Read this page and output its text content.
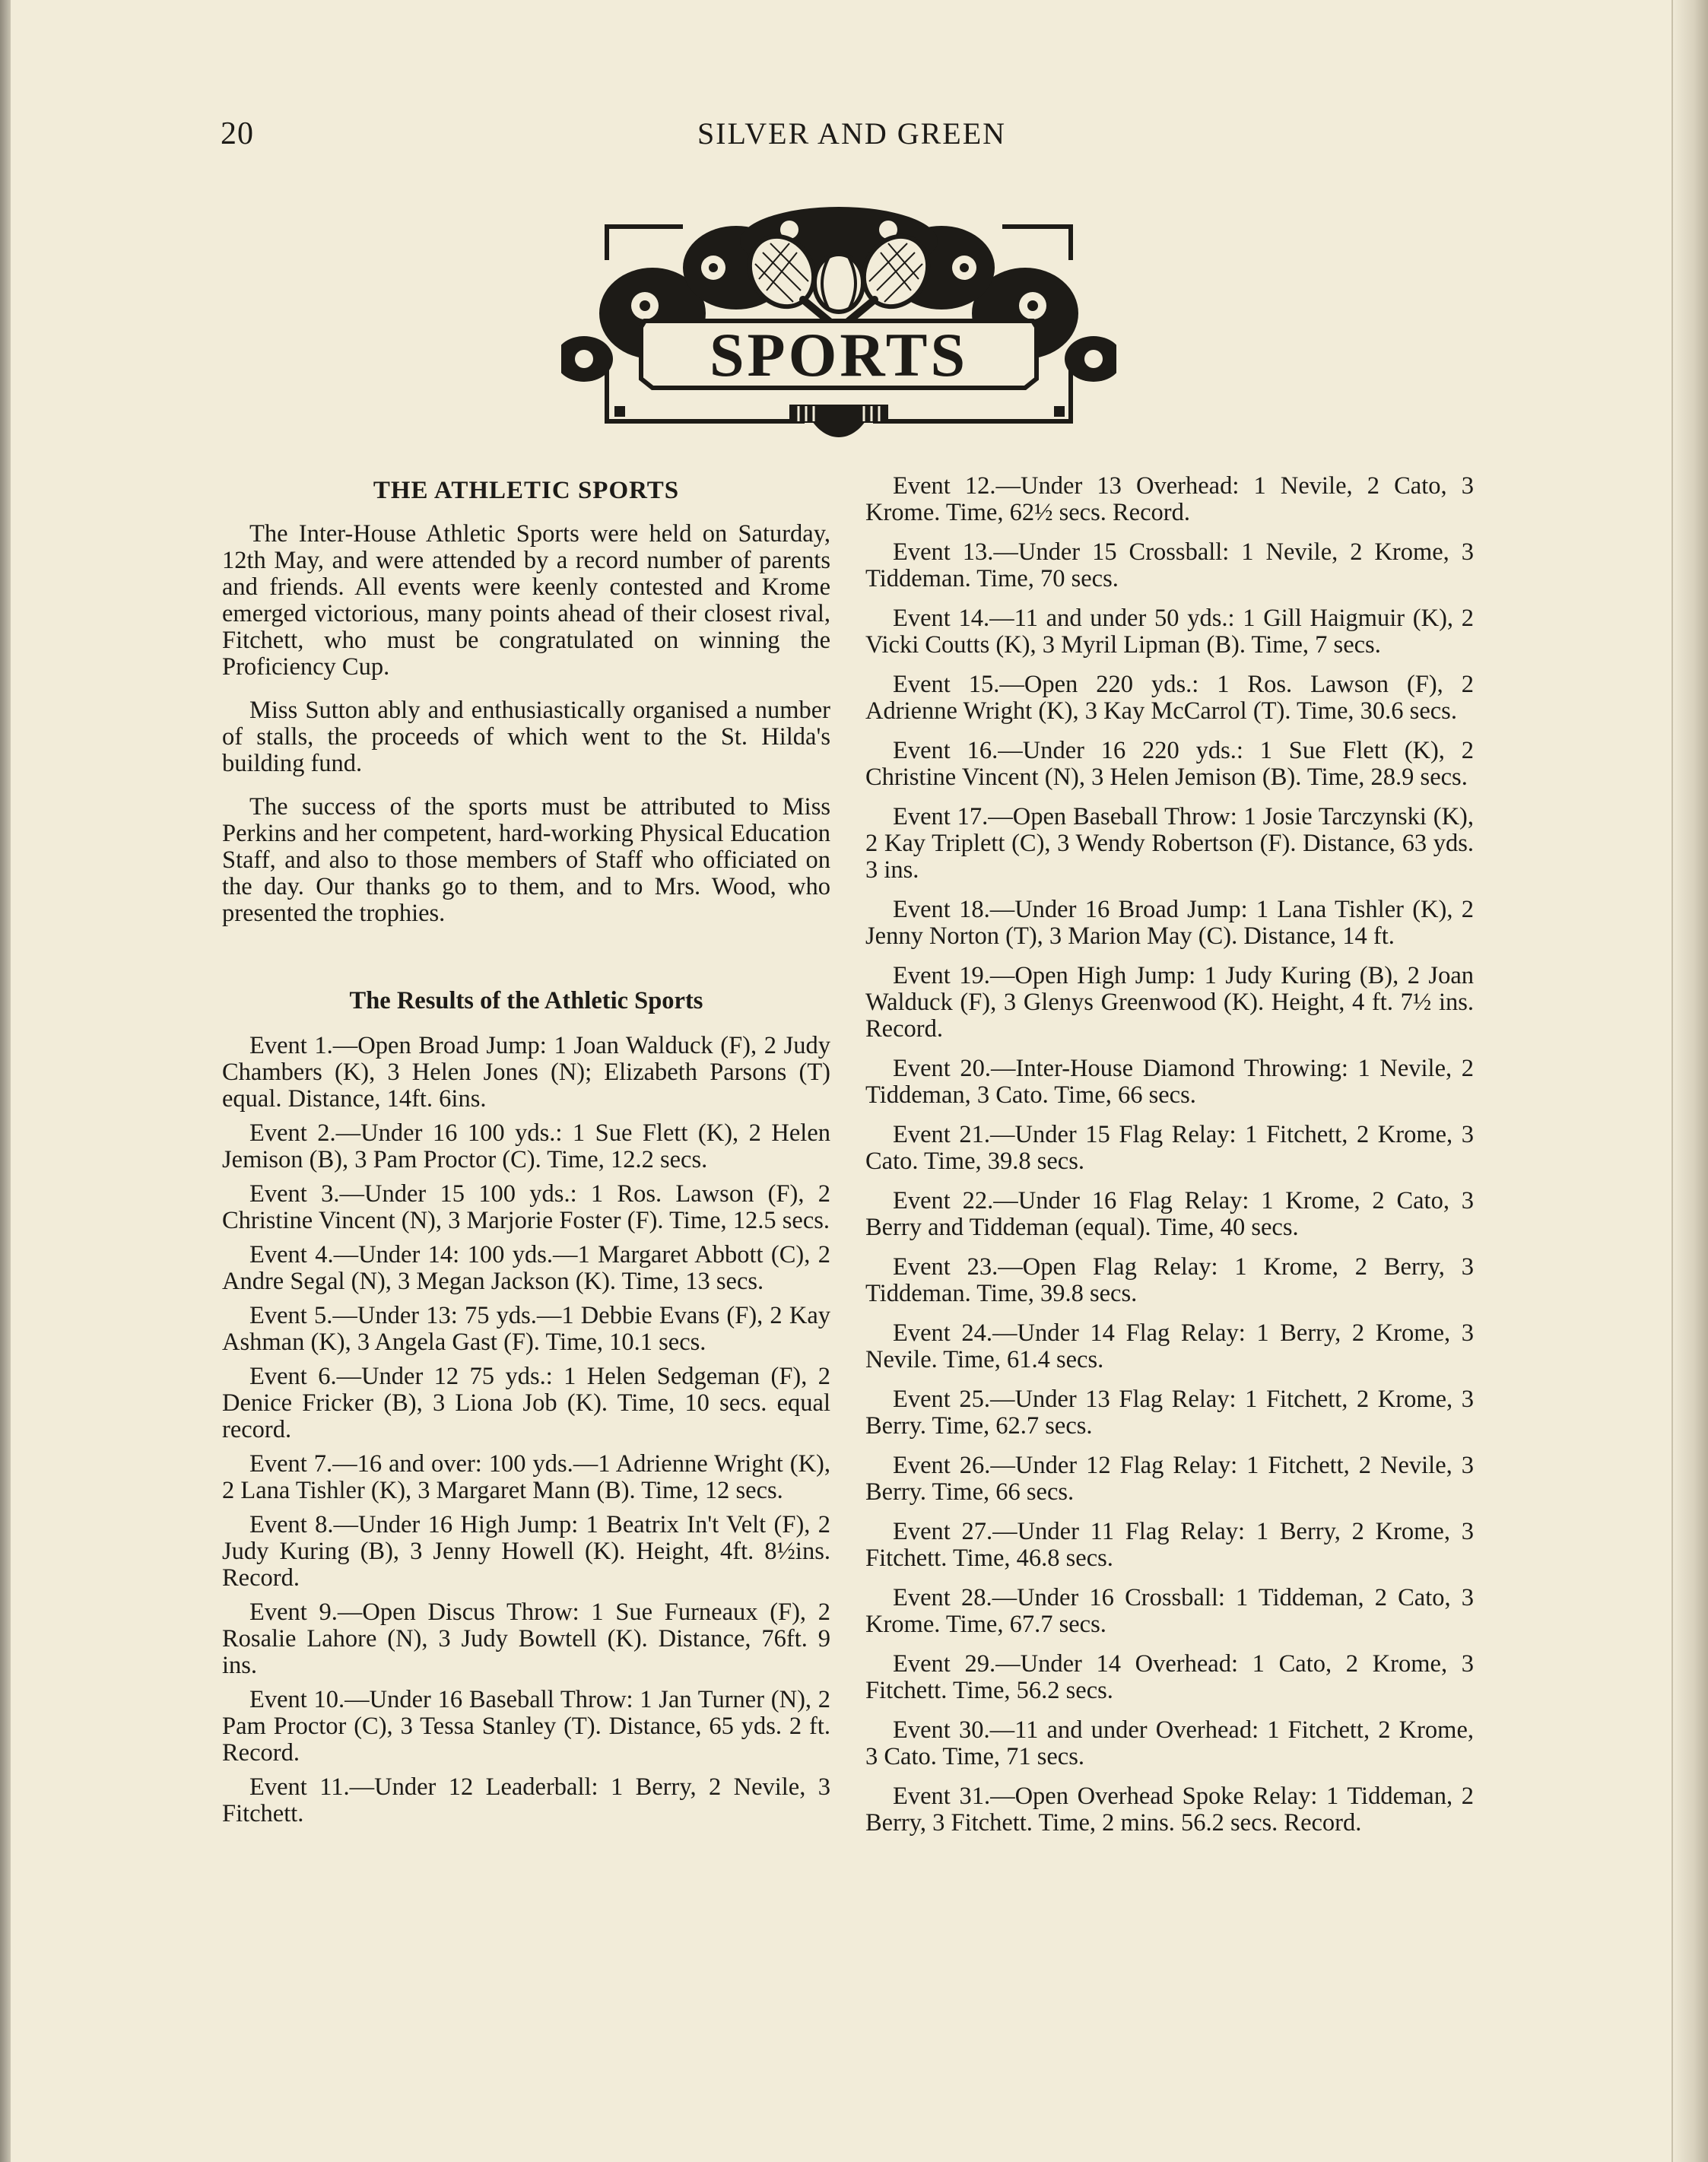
20	SILVER AND GREEN
SPORTS
THE ATHLETIC SPORTS

The Inter-House Athletic Sports were held on Saturday, 12th May, and were attended by a record number of parents and friends. All events were keenly contested and Krome emerged victorious, many points ahead of their closest rival, Fitchett, who must be congratulated on winning the Proficiency Cup.

Miss Sutton ably and enthusiastically organised a number of stalls, the proceeds of which went to the St. Hilda's building fund.

The success of the sports must be attributed to Miss Perkins and her competent, hard-working Physical Education Staff, and also to those members of Staff who officiated on the day. Our thanks go to them, and to Mrs. Wood, who presented the trophies.

The Results of the Athletic Sports

Event 1.—Open Broad Jump: 1 Joan Walduck (F), 2 Judy Chambers (K), 3 Helen Jones (N); Elizabeth Parsons (T) equal. Distance, 14ft. 6ins.

Event 2.—Under 16 100 yds.: 1 Sue Flett (K), 2 Helen Jemison (B), 3 Pam Proctor (C). Time, 12.2 secs.

Event 3.—Under 15 100 yds.: 1 Ros. Lawson (F), 2 Christine Vincent (N), 3 Marjorie Foster (F). Time, 12.5 secs.

Event 4.—Under 14: 100 yds.—1 Margaret Abbott (C), 2 Andre Segal (N), 3 Megan Jackson (K). Time, 13 secs.

Event 5.—Under 13: 75 yds.—1 Debbie Evans (F), 2 Kay Ashman (K), 3 Angela Gast (F). Time, 10.1 secs.

Event 6.—Under 12 75 yds.: 1 Helen Sedgeman (F), 2 Denice Fricker (B), 3 Liona Job (K). Time, 10 secs. equal record.

Event 7.—16 and over: 100 yds.—1 Adrienne Wright (K), 2 Lana Tishler (K), 3 Margaret Mann (B). Time, 12 secs.

Event 8.—Under 16 High Jump: 1 Beatrix In't Velt (F), 2 Judy Kuring (B), 3 Jenny Howell (K). Height, 4ft. 8½ins. Record.

Event 9.—Open Discus Throw: 1 Sue Furneaux (F), 2 Rosalie Lahore (N), 3 Judy Bowtell (K). Distance, 76ft. 9 ins.

Event 10.—Under 16 Baseball Throw: 1 Jan Turner (N), 2 Pam Proctor (C), 3 Tessa Stanley (T). Distance, 65 yds. 2 ft. Record.

Event 11.—Under 12 Leaderball: 1 Berry, 2 Nevile, 3 Fitchett.

Event 12.—Under 13 Overhead: 1 Nevile, 2 Cato, 3 Krome. Time, 62½ secs. Record.

Event 13.—Under 15 Crossball: 1 Nevile, 2 Krome, 3 Tiddeman. Time, 70 secs.

Event 14.—11 and under 50 yds.: 1 Gill Haigmuir (K), 2 Vicki Coutts (K), 3 Myril Lipman (B). Time, 7 secs.

Event 15.—Open 220 yds.: 1 Ros. Lawson (F), 2 Adrienne Wright (K), 3 Kay McCarrol (T). Time, 30.6 secs.

Event 16.—Under 16 220 yds.: 1 Sue Flett (K), 2 Christine Vincent (N), 3 Helen Jemison (B). Time, 28.9 secs.

Event 17.—Open Baseball Throw: 1 Josie Tarczynski (K), 2 Kay Triplett (C), 3 Wendy Robertson (F). Distance, 63 yds. 3 ins.

Event 18.—Under 16 Broad Jump: 1 Lana Tishler (K), 2 Jenny Norton (T), 3 Marion May (C). Distance, 14 ft.

Event 19.—Open High Jump: 1 Judy Kuring (B), 2 Joan Walduck (F), 3 Glenys Greenwood (K). Height, 4 ft. 7½ ins. Record.

Event 20.—Inter-House Diamond Throwing: 1 Nevile, 2 Tiddeman, 3 Cato. Time, 66 secs.

Event 21.—Under 15 Flag Relay: 1 Fitchett, 2 Krome, 3 Cato. Time, 39.8 secs.

Event 22.—Under 16 Flag Relay: 1 Krome, 2 Cato, 3 Berry and Tiddeman (equal). Time, 40 secs.

Event 23.—Open Flag Relay: 1 Krome, 2 Berry, 3 Tiddeman. Time, 39.8 secs.

Event 24.—Under 14 Flag Relay: 1 Berry, 2 Krome, 3 Nevile. Time, 61.4 secs.

Event 25.—Under 13 Flag Relay: 1 Fitchett, 2 Krome, 3 Berry. Time, 62.7 secs.

Event 26.—Under 12 Flag Relay: 1 Fitchett, 2 Nevile, 3 Berry. Time, 66 secs.

Event 27.—Under 11 Flag Relay: 1 Berry, 2 Krome, 3 Fitchett. Time, 46.8 secs.

Event 28.—Under 16 Crossball: 1 Tiddeman, 2 Cato, 3 Krome. Time, 67.7 secs.

Event 29.—Under 14 Overhead: 1 Cato, 2 Krome, 3 Fitchett. Time, 56.2 secs.

Event 30.—11 and under Overhead: 1 Fitchett, 2 Krome, 3 Cato. Time, 71 secs.

Event 31.—Open Overhead Spoke Relay: 1 Tiddeman, 2 Berry, 3 Fitchett. Time, 2 mins. 56.2 secs. Record.
